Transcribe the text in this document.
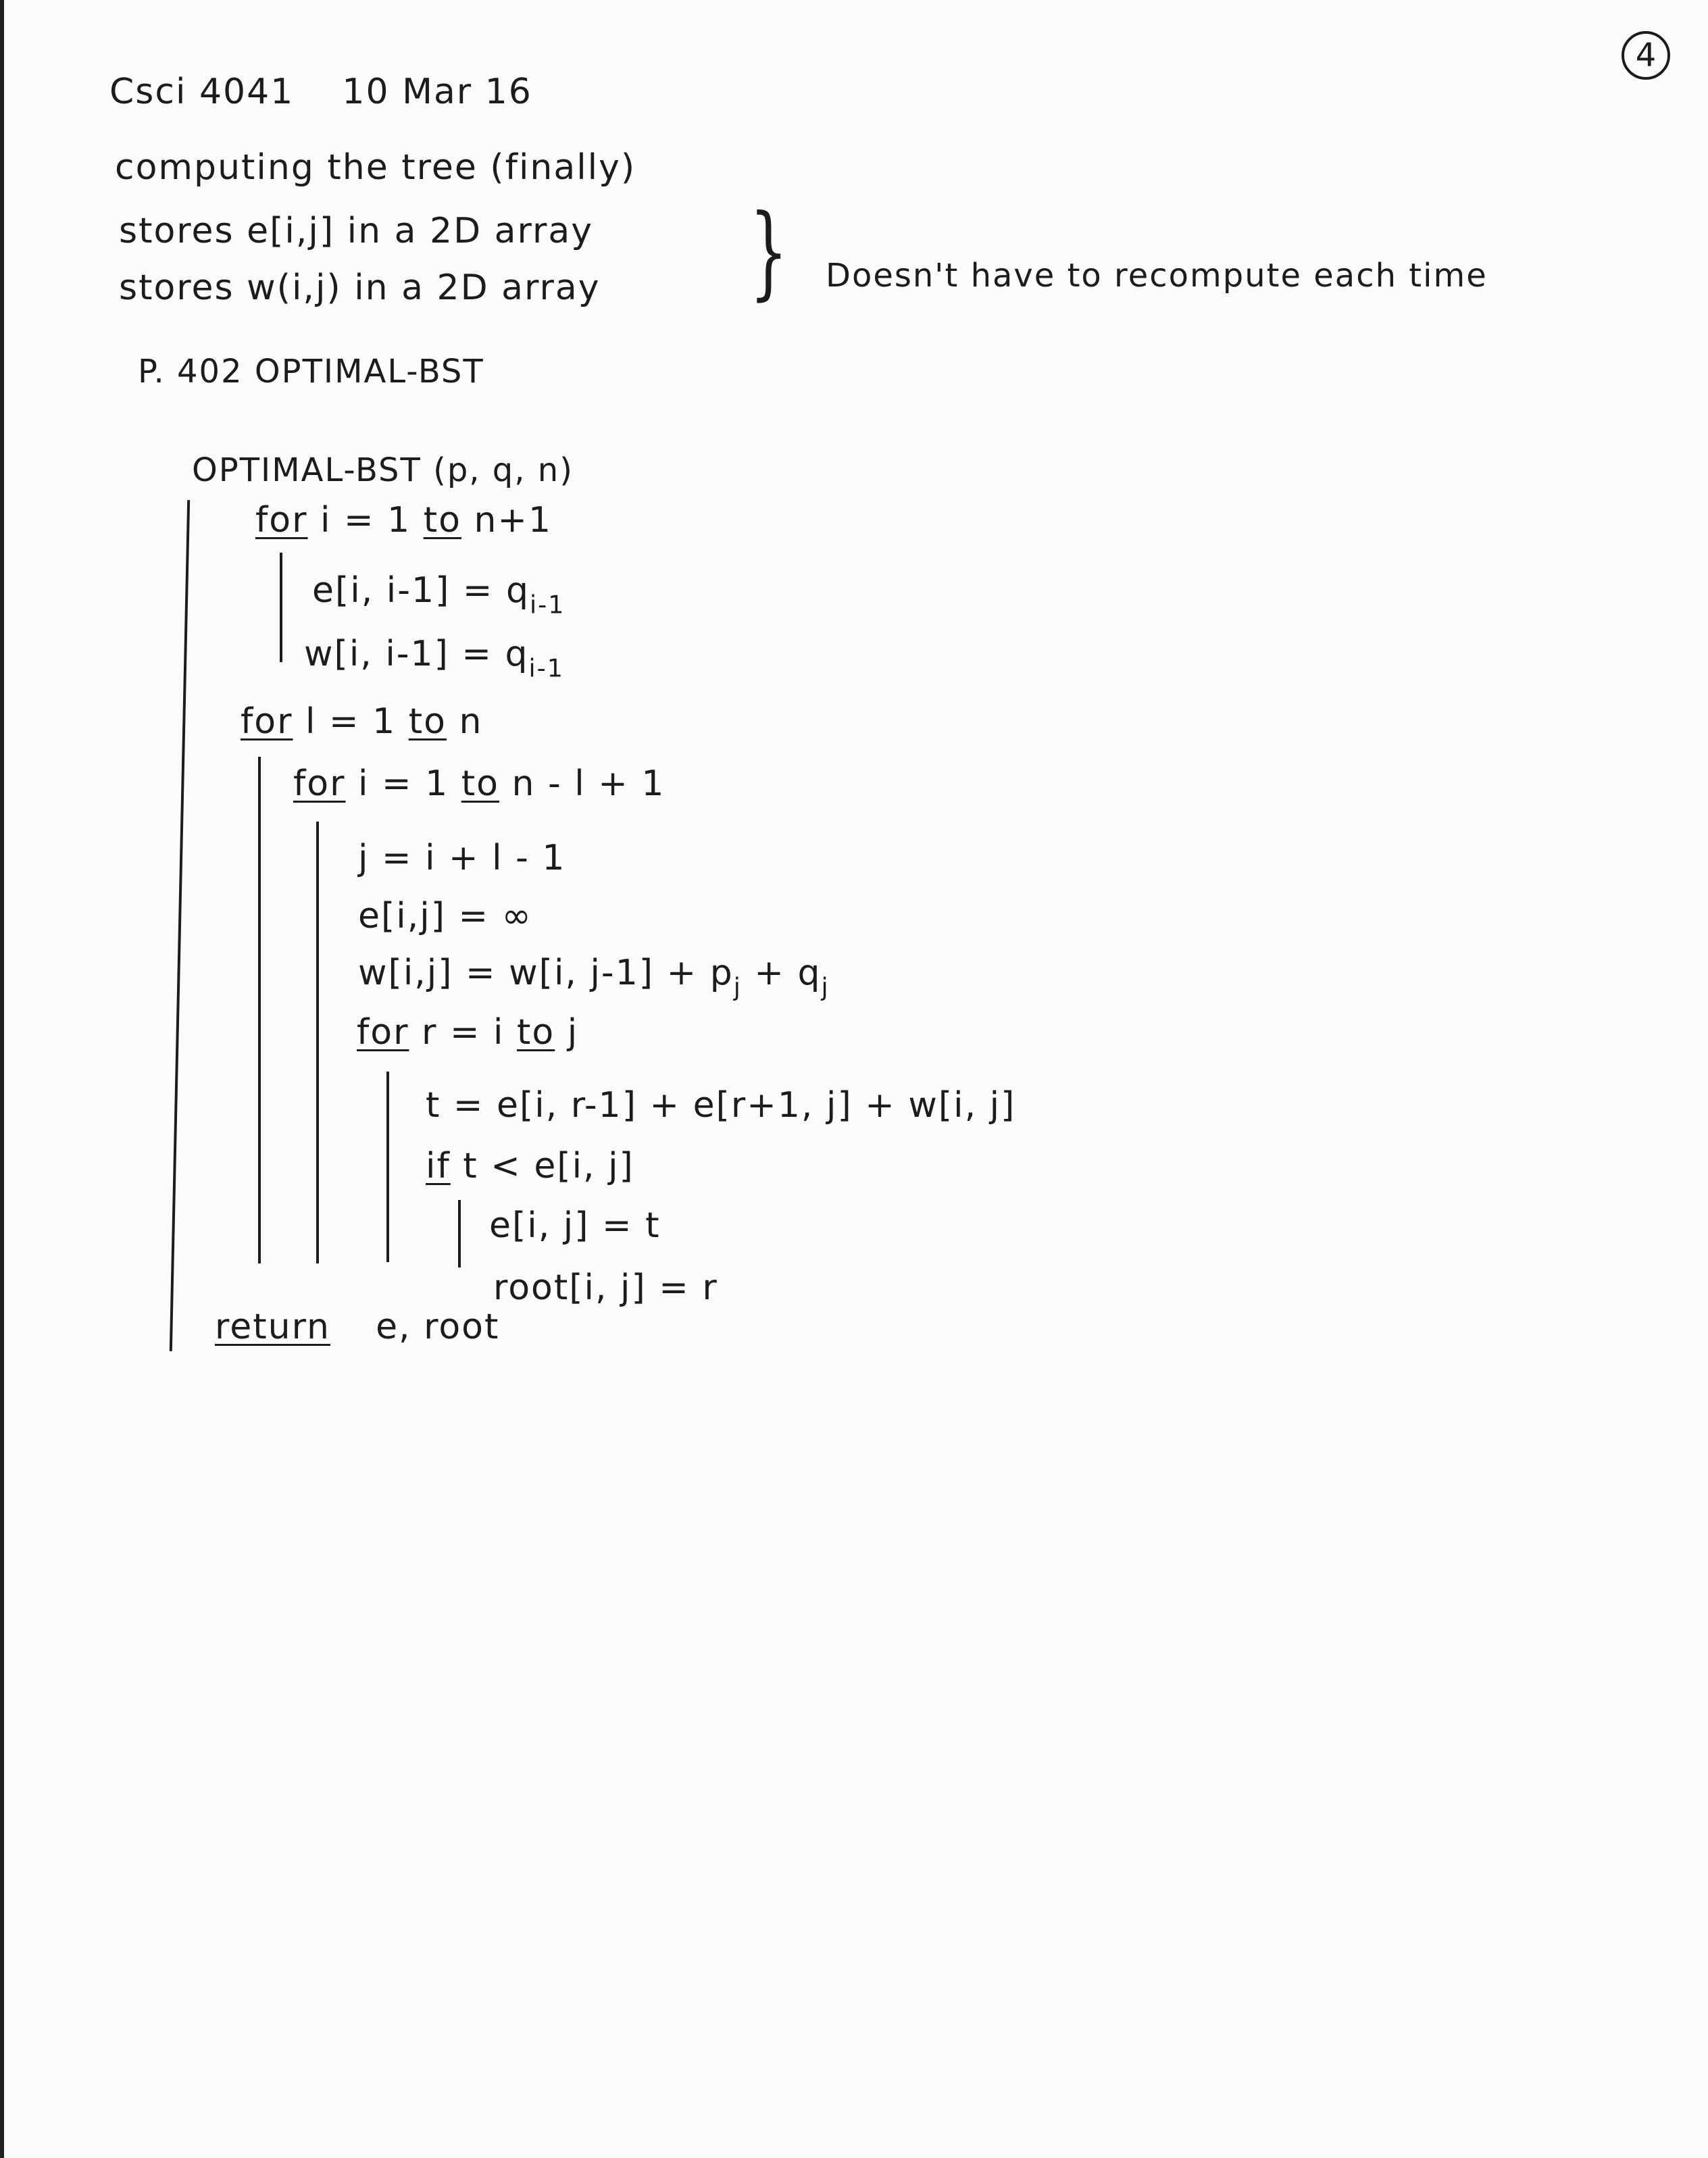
4
Csci 4041 10 Mar 16
computing the tree (finally)
stores e[i,j] in a 2D array
stores w(i,j) in a 2D array } Doesn't have to recompute each time
P. 402 OPTIMAL-BST
OPTIMAL-BST (p, q, n)
for i = 1 to n+1
e[i, $i-1] = q_{i-1}$
w[i, $i-1] = q_{i-1}$
for l = 1 to n
for i = 1 to n - l + 1
j = i + l - 1
e[i,j] = ∞
w[i,j] = w[i, $j-1] + p_j + q_j$
for r = i to j
t = e[i, r-1] + e[r+1, j] + w[i, j]
if t < e[i, j]
e[i, j] = t
root[i, j] = r
return e, root
